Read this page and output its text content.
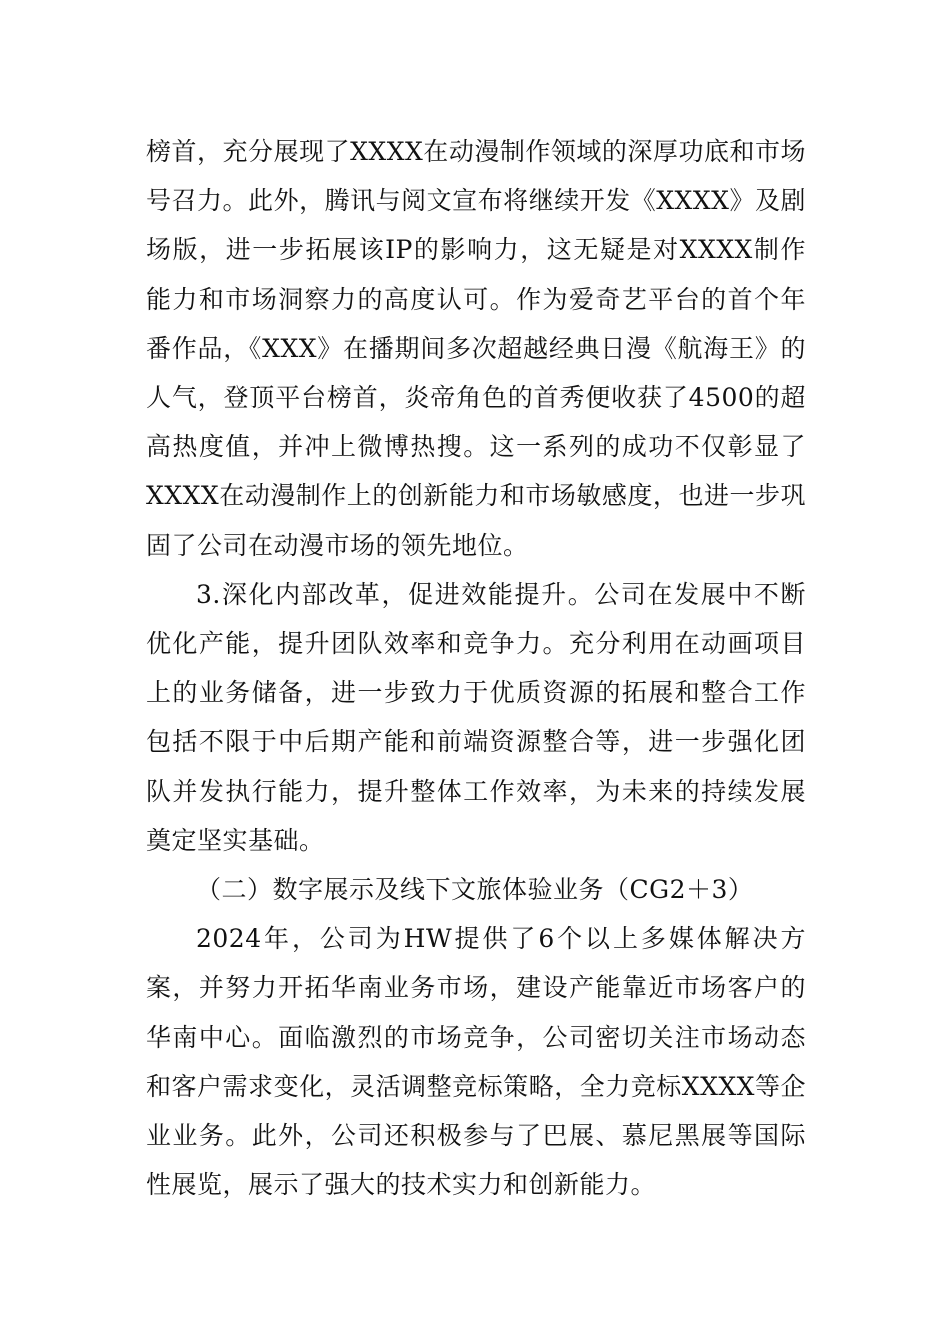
榜首，充分展现了XXXX在动漫制作领域的深厚功底和市场号召力。此外，腾讯与阅文宣布将继续开发《XXXX》及剧场版，进一步拓展该IP的影响力，这无疑是对XXXX制作能力和市场洞察力的高度认可。作为爱奇艺平台的首个年番作品，《XXX》在播期间多次超越经典日漫《航海王》的人气，登顶平台榜首，炎帝角色的首秀便收获了4500的超高热度值，并冲上微博热搜。这一系列的成功不仅彰显了XXXX在动漫制作上的创新能力和市场敏感度，也进一步巩固了公司在动漫市场的领先地位。

3.深化内部改革，促进效能提升。公司在发展中不断优化产能，提升团队效率和竞争力。充分利用在动画项目上的业务储备，进一步致力于优质资源的拓展和整合工作包括不限于中后期产能和前端资源整合等，进一步强化团队并发执行能力，提升整体工作效率，为未来的持续发展奠定坚实基础。

（二）数字展示及线下文旅体验业务（CG2＋3）

2024年，公司为HW提供了6个以上多媒体解决方案，并努力开拓华南业务市场，建设产能靠近市场客户的华南中心。面临激烈的市场竞争，公司密切关注市场动态和客户需求变化，灵活调整竞标策略，全力竞标XXXX等企业业务。此外，公司还积极参与了巴展、慕尼黑展等国际性展览，展示了强大的技术实力和创新能力。
